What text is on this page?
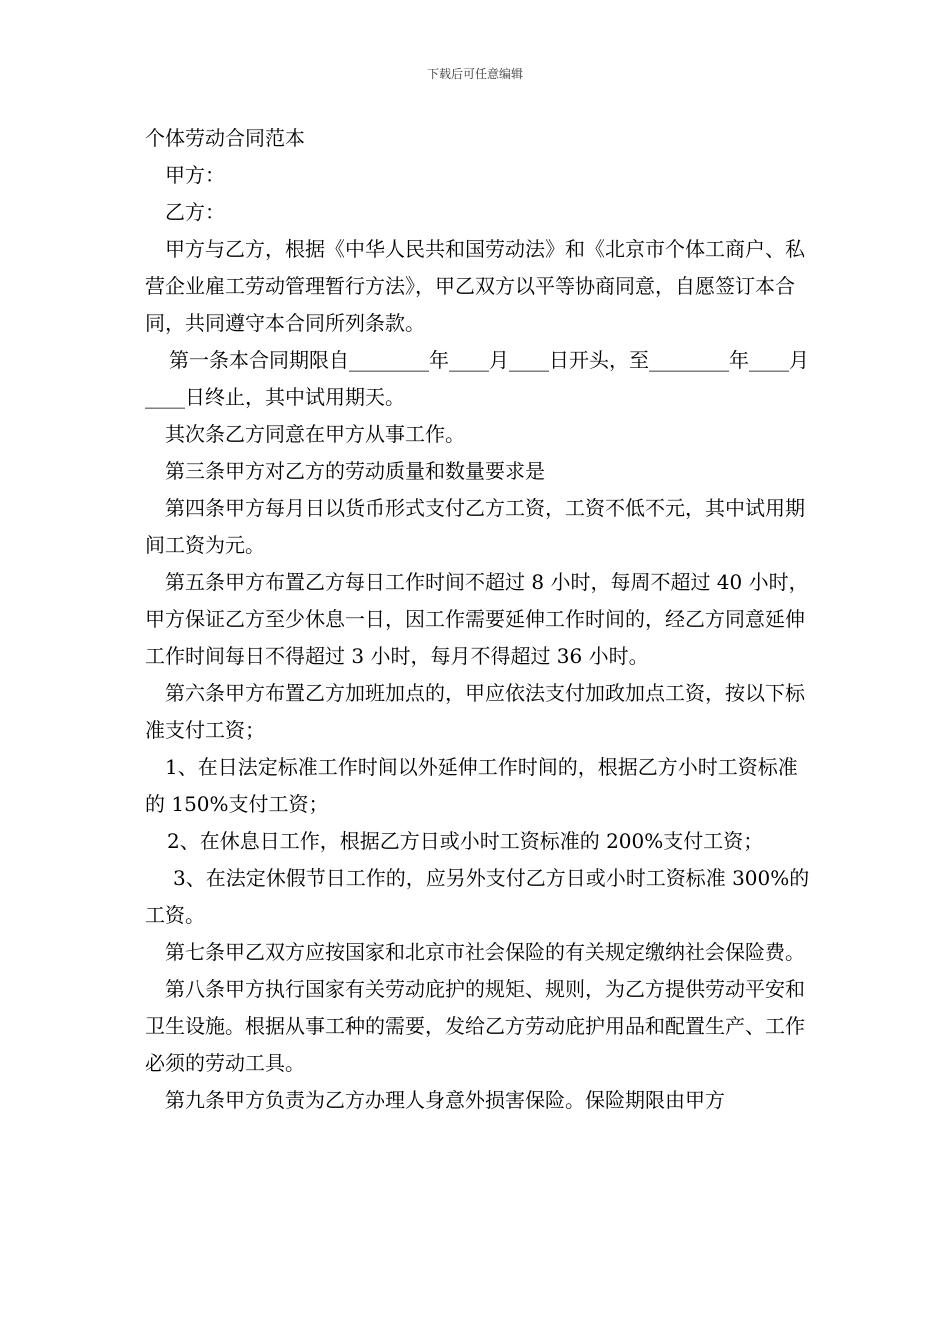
下载后可任意编辑

个体劳动合同范本

甲方：

乙方：

甲方与乙方，根据《中华人民共和国劳动法》和《北京市个体工商户、私营企业雇工劳动管理暂行方法》，甲乙双方以平等协商同意，自愿签订本合同，共同遵守本合同所列条款。

第一条本合同期限自________年____月____日开头，至________年____月____日终止，其中试用期天。

其次条乙方同意在甲方从事工作。

第三条甲方对乙方的劳动质量和数量要求是

第四条甲方每月日以货币形式支付乙方工资，工资不低不元，其中试用期间工资为元。

第五条甲方布置乙方每日工作时间不超过 8 小时，每周不超过 40 小时，甲方保证乙方至少休息一日，因工作需要延伸工作时间的，经乙方同意延伸工作时间每日不得超过 3 小时，每月不得超过 36 小时。

第六条甲方布置乙方加班加点的，甲应依法支付加政加点工资，按以下标准支付工资；

1、在日法定标准工作时间以外延伸工作时间的，根据乙方小时工资标准的 150%支付工资；

2、在休息日工作，根据乙方日或小时工资标准的 200%支付工资；

3、在法定休假节日工作的，应另外支付乙方日或小时工资标准 300%的工资。

第七条甲乙双方应按国家和北京市社会保险的有关规定缴纳社会保险费。

第八条甲方执行国家有关劳动庇护的规矩、规则，为乙方提供劳动平安和卫生设施。根据从事工种的需要，发给乙方劳动庇护用品和配置生产、工作必须的劳动工具。

第九条甲方负责为乙方办理人身意外损害保险。保险期限由甲方
